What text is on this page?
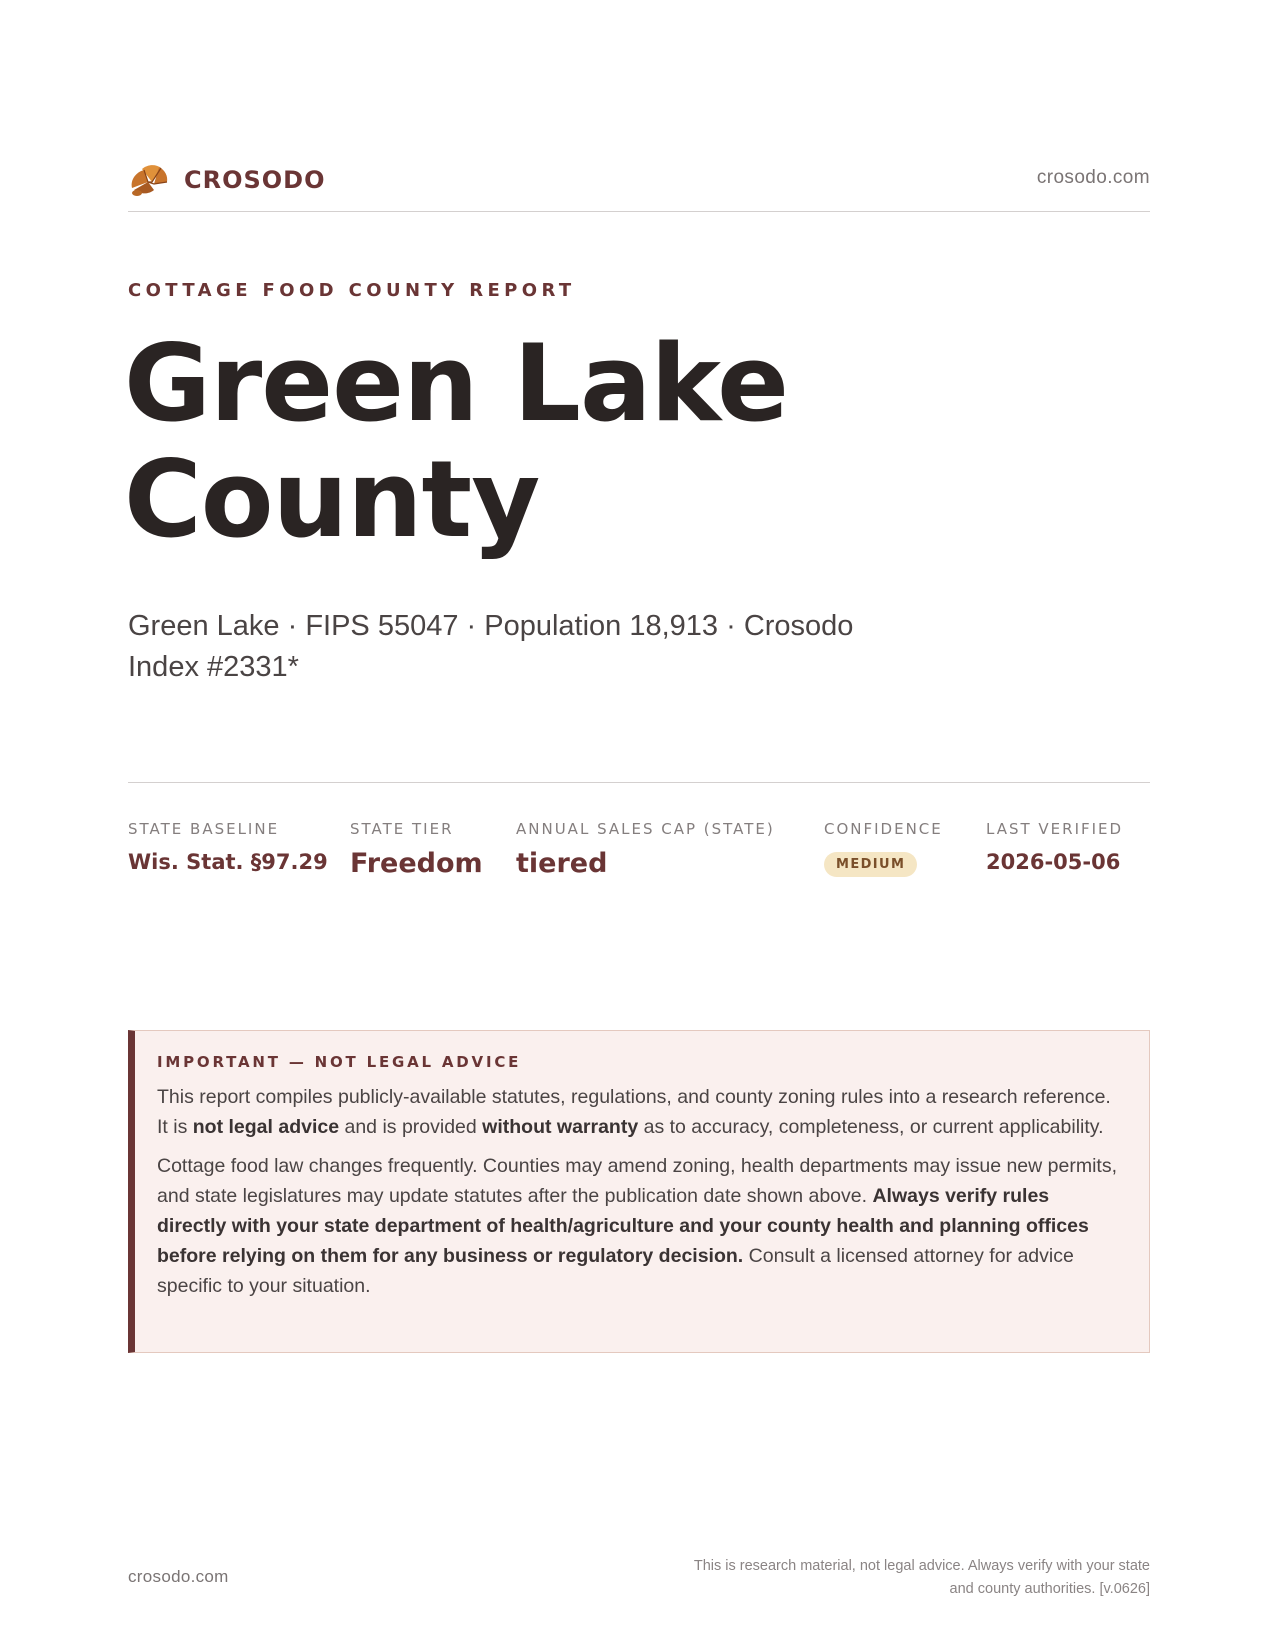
CROSODO	crosodo.com
COTTAGE FOOD COUNTY REPORT
Green Lake County
Green Lake · FIPS 55047 · Population 18,913 · Crosodo Index #2331*
STATE BASELINE
Wis. Stat. §97.29
STATE TIER
Freedom
ANNUAL SALES CAP (STATE)
tiered
CONFIDENCE
MEDIUM
LAST VERIFIED
2026-05-06
IMPORTANT — NOT LEGAL ADVICE

This report compiles publicly-available statutes, regulations, and county zoning rules into a research reference. It is not legal advice and is provided without warranty as to accuracy, completeness, or current applicability.

Cottage food law changes frequently. Counties may amend zoning, health departments may issue new permits, and state legislatures may update statutes after the publication date shown above. Always verify rules directly with your state department of health/agriculture and your county health and planning offices before relying on them for any business or regulatory decision. Consult a licensed attorney for advice specific to your situation.

crosodo.com
This is research material, not legal advice. Always verify with your state
and county authorities. [v.0626]
